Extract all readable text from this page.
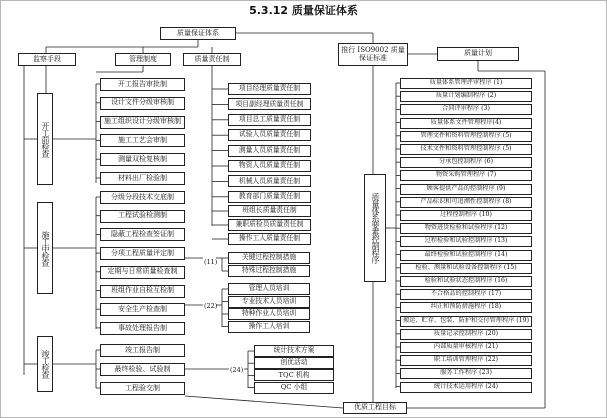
5.3.12 质量保证体系
质量保证体系
推行 ISO9002 质量保证标准
质量计划
监察手段	管理制度	质量责任制
开工前检查
施工中检查
竣工检查
质量体系要素控制程序
优质工程目标
(11)
(22)
(24)
开工报告审批制
设计文件分级审核制
施工组织设计分级审核制
施工工艺会审制
测量双检复核制
材料出厂检验制
分级分段技术交底制
工程试验检测制
隐蔽工程检查签证制
分项工程质量评定制
定期与日常质量检查制
班组作业自检互检制
安全生产检查制
事故处理报告制
竣工报告制
最终检验、试验制
工程验交制
项目经理质量责任制
项目副经理质量责任制
项目总工质量责任制
试验人员质量责任制
测量人员质量责任制
物资人员质量责任制
机械人员质量责任制
教育部门质量责任制
班组长质量责任制
兼职质检员质量责任制
操作工人质量责任制
关键过程控制措施
特殊过程控制措施
管理人员培训
专业技术人员培训
特种作业人员培训
操作工人培训
统计技术方案
创优活动
TQC 机构
QC 小组
质量体系管理评审程序 (1)
质量计划编制程序 (2)
合同评审程序 (3)
质量体系文件管理程序(4)
管理文件和资料管理控制程序 (5)
技术文件和资料管理控制程序 (5)
分承包控制程序 (6)
物资采购管理程序 (7)
顾客提供产品的控制程序 (9)
产品标识和可追溯性控制程序 (8)
过程控制程序 (10)
物资进货检验和试验程序 (12)
过程检验和试验控制程序 (13)
最终检验和试验控制程序 (14)
检验、测量和试验设备控制程序 (15)
检验和试验状态控制程序 (16)
不合格品的控制程序 (17)
纠正和预防措施程序 (18)
搬运、贮存、包装、防护和交付管理程序 (19)
质量记录控制程序 (20)
内部质量审核程序 (21)
职工培训管理程序 (22)
服务工作程序 (23)
统计技术运用程序 (24)
